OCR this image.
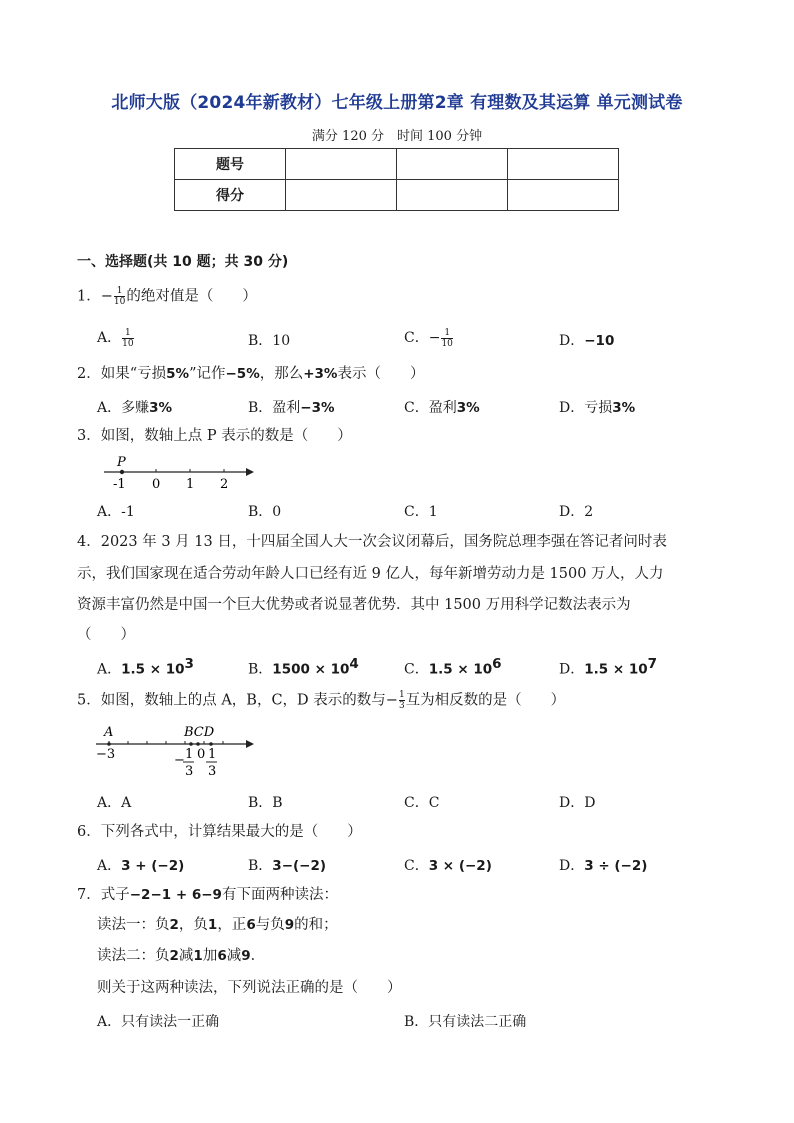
北师大版（2024年新教材）七年级上册第2章 有理数及其运算 单元测试卷
满分 120 分　时间 100 分钟
题号			
得分			
一、选择题(共 10 题；共 30 分)
1．− $\frac{1}{10}$ 的绝对值是（　　）
A． $\frac{1}{10}$	B．10	C．− $\frac{1}{10}$	D．−10
2．如果“亏损5%”记作−5%，那么+3%表示（　　）
A．多赚3%	B．盈利−3%	C．盈利3%	D．亏损3%
3．如图，数轴上点 P 表示的数是（　　）
P
-1 0 1 2
A．-1	B．0	C．1	D．2
4．2023 年 3 月 13 日，十四届全国人大一次会议闭幕后，国务院总理李强在答记者问时表
示，我们国家现在适合劳动年龄人口已经有近 9 亿人，每年新增劳动力是 1500 万人，人力
资源丰富仍然是中国一个巨大优势或者说显著优势．其中 1500 万用科学记数法表示为
（　　）
A．$1.5 \times 10^3$	B．$1500 \times 10^4$	C．$1.5 \times 10^6$	D．$1.5 \times 10^7$
5．如图，数轴上的点 A，B，C，D 表示的数与− $\frac{1}{3}$ 互为相反数的是（　　）
A	BCD
−3	− 1
3
0 1
3
A．A	B．B	C．C	D．D
6．下列各式中，计算结果最大的是（　　）
A．3 + (−2)	B．3−(−2)	C．3 × (−2)	D．3 ÷ (−2)
7．式子−2−1 + 6−9有下面两种读法：
读法一：负2，负1，正6与负9的和；
读法二：负2减1加6减9．
则关于这两种读法，下列说法正确的是（　　）
A．只有读法一正确	B．只有读法二正确
